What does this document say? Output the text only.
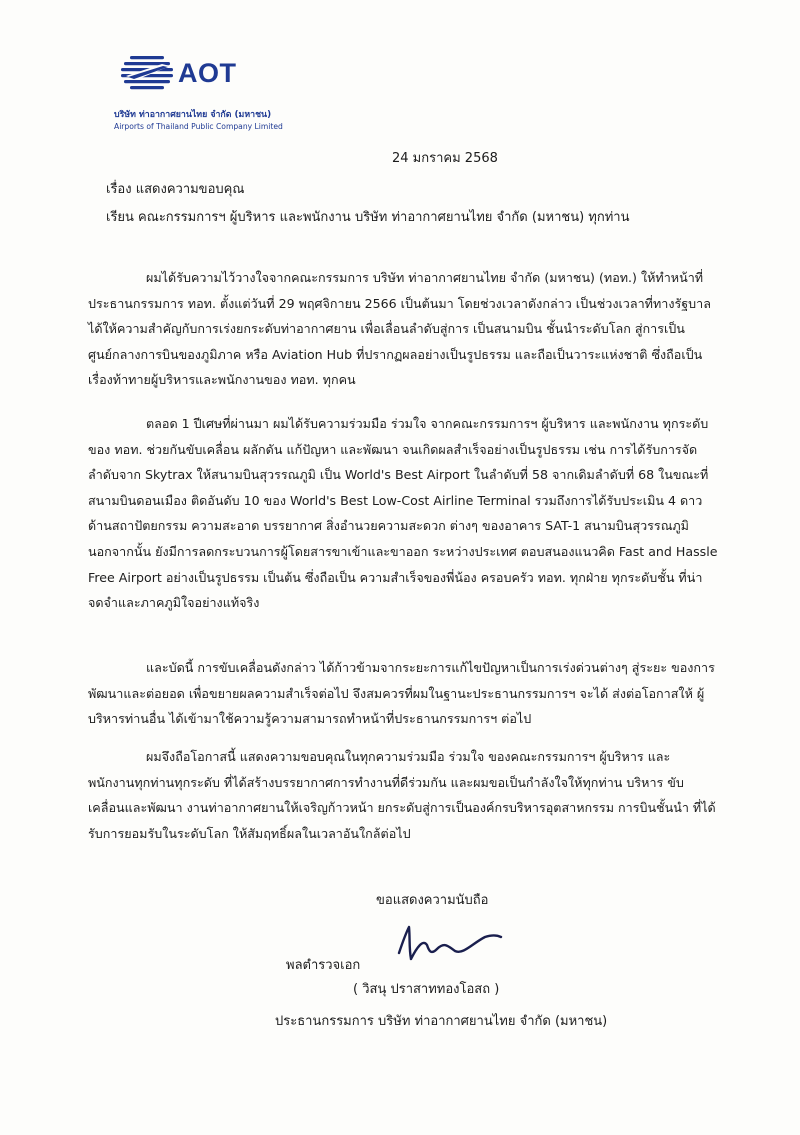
AOT
บริษัท ท่าอากาศยานไทย จำกัด (มหาชน)
Airports of Thailand Public Company Limited
24 มกราคม 2568
เรื่อง แสดงความขอบคุณ
เรียน คณะกรรมการฯ ผู้บริหาร และพนักงาน บริษัท ท่าอากาศยานไทย จำกัด (มหาชน) ทุกท่าน
ผมได้รับความไว้วางใจจากคณะกรรมการ บริษัท ท่าอากาศยานไทย จำกัด (มหาชน) (ทอท.) ให้ทำหน้าที่ ประธานกรรมการ ทอท. ตั้งแต่วันที่ 29 พฤศจิกายน 2566 เป็นต้นมา โดยช่วงเวลาดังกล่าว เป็นช่วงเวลาที่ทางรัฐบาลได้ให้ความสำคัญกับการเร่งยกระดับท่าอากาศยาน เพื่อเลื่อนลำดับสู่การ เป็นสนามบิน ชั้นนำระดับโลก สู่การเป็นศูนย์กลางการบินของภูมิภาค หรือ Aviation Hub ที่ปรากฏผลอย่างเป็นรูปธรรม และถือเป็นวาระแห่งชาติ ซึ่งถือเป็นเรื่องท้าทายผู้บริหารและพนักงานของ ทอท. ทุกคน
ตลอด 1 ปีเศษที่ผ่านมา ผมได้รับความร่วมมือ ร่วมใจ จากคณะกรรมการฯ ผู้บริหาร และพนักงาน ทุกระดับของ ทอท. ช่วยกันขับเคลื่อน ผลักดัน แก้ปัญหา และพัฒนา จนเกิดผลสำเร็จอย่างเป็นรูปธรรม เช่น การได้รับการจัดลำดับจาก Skytrax ให้สนามบินสุวรรณภูมิ เป็น World's Best Airport ในลำดับที่ 58 จากเดิมลำดับที่ 68 ในขณะที่ สนามบินดอนเมือง ติดอันดับ 10 ของ World's Best Low-Cost Airline Terminal รวมถึงการได้รับประเมิน 4 ดาว ด้านสถาปัตยกรรม ความสะอาด บรรยากาศ สิ่งอำนวยความสะดวก ต่างๆ ของอาคาร SAT-1 สนามบินสุวรรณภูมิ นอกจากนั้น ยังมีการลดกระบวนการผู้โดยสารขาเข้าและขาออก ระหว่างประเทศ ตอบสนองแนวคิด Fast and Hassle Free Airport อย่างเป็นรูปธรรม เป็นต้น ซึ่งถือเป็น ความสำเร็จของพี่น้อง ครอบครัว ทอท. ทุกฝ่าย ทุกระดับชั้น ที่น่าจดจำและภาคภูมิใจอย่างแท้จริง
และบัดนี้ การขับเคลื่อนดังกล่าว ได้ก้าวข้ามจากระยะการแก้ไขปัญหาเป็นการเร่งด่วนต่างๆ สู่ระยะ ของการพัฒนาและต่อยอด เพื่อขยายผลความสำเร็จต่อไป จึงสมควรที่ผมในฐานะประธานกรรมการฯ จะได้ ส่งต่อโอกาสให้ ผู้บริหารท่านอื่น ได้เข้ามาใช้ความรู้ความสามารถทำหน้าที่ประธานกรรมการฯ ต่อไป
ผมจึงถือโอกาสนี้ แสดงความขอบคุณในทุกความร่วมมือ ร่วมใจ ของคณะกรรมการฯ ผู้บริหาร และ พนักงานทุกท่านทุกระดับ ที่ได้สร้างบรรยากาศการทำงานที่ดีร่วมกัน และผมขอเป็นกำลังใจให้ทุกท่าน บริหาร ขับเคลื่อนและพัฒนา งานท่าอากาศยานให้เจริญก้าวหน้า ยกระดับสู่การเป็นองค์กรบริหารอุตสาหกรรม การบินชั้นนำ ที่ได้รับการยอมรับในระดับโลก ให้สัมฤทธิ์ผลในเวลาอันใกล้ต่อไป
ขอแสดงความนับถือ
พลตำรวจเอก
( วิสนุ ปราสาททองโอสถ )
ประธานกรรมการ บริษัท ท่าอากาศยานไทย จำกัด (มหาชน)
